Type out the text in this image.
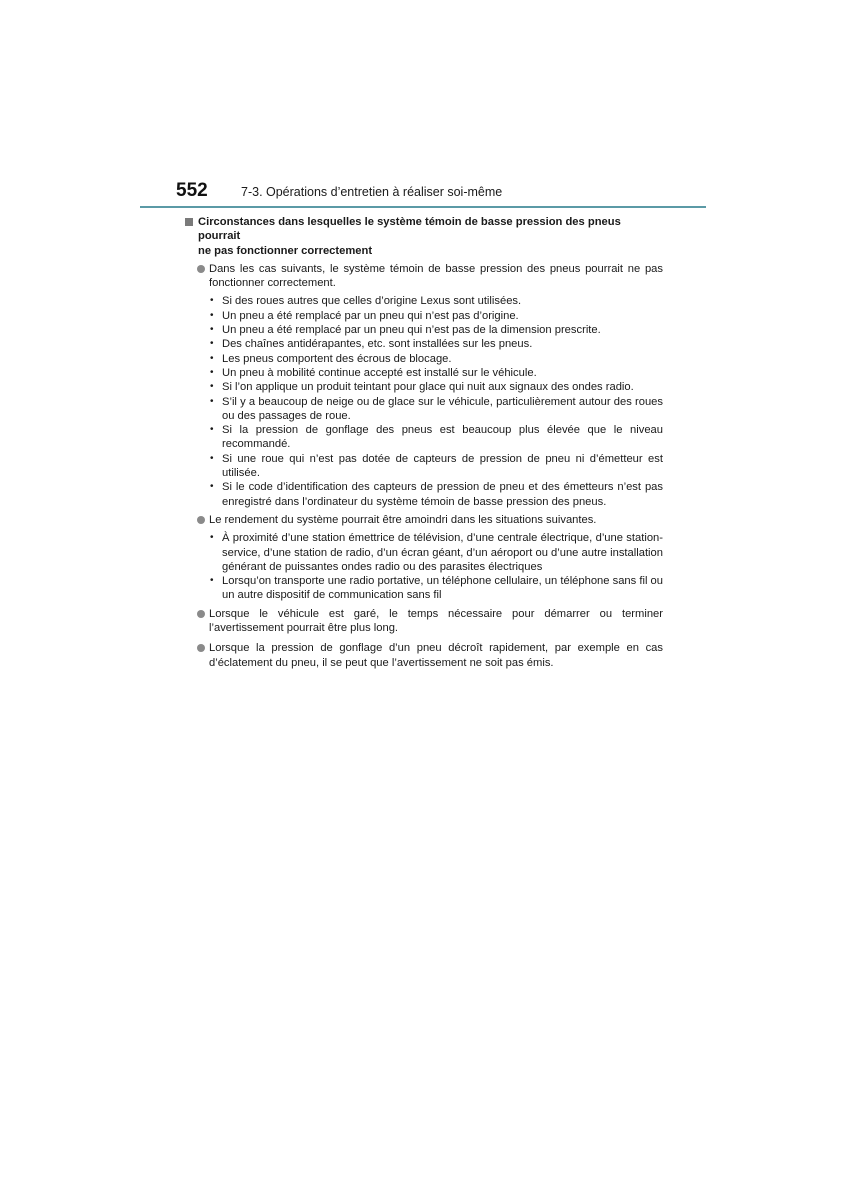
552	7-3. Opérations d’entretien à réaliser soi-même
Circonstances dans lesquelles le système témoin de basse pression des pneus pourrait
ne pas fonctionner correctement
Dans les cas suivants, le système témoin de basse pression des pneus pourrait ne pas fonctionner correctement.
• Si des roues autres que celles d’origine Lexus sont utilisées.
• Un pneu a été remplacé par un pneu qui n’est pas d’origine.
• Un pneu a été remplacé par un pneu qui n’est pas de la dimension prescrite.
• Des chaînes antidérapantes, etc. sont installées sur les pneus.
• Les pneus comportent des écrous de blocage.
• Un pneu à mobilité continue accepté est installé sur le véhicule.
• Si l’on applique un produit teintant pour glace qui nuit aux signaux des ondes radio.
• S’il y a beaucoup de neige ou de glace sur le véhicule, particulièrement autour des roues ou des passages de roue.
• Si la pression de gonflage des pneus est beaucoup plus élevée que le niveau recommandé.
• Si une roue qui n’est pas dotée de capteurs de pression de pneu ni d’émetteur est utilisée.
• Si le code d’identification des capteurs de pression de pneu et des émetteurs n’est pas enregistré dans l’ordinateur du système témoin de basse pression des pneus.
Le rendement du système pourrait être amoindri dans les situations suivantes.
• À proximité d’une station émettrice de télévision, d’une centrale électrique, d’une station-service, d’une station de radio, d’un écran géant, d’un aéroport ou d’une autre installation générant de puissantes ondes radio ou des parasites électriques
• Lorsqu’on transporte une radio portative, un téléphone cellulaire, un téléphone sans fil ou un autre dispositif de communication sans fil
Lorsque le véhicule est garé, le temps nécessaire pour démarrer ou terminer l’avertissement pourrait être plus long.
Lorsque la pression de gonflage d’un pneu décroît rapidement, par exemple en cas d’éclatement du pneu, il se peut que l’avertissement ne soit pas émis.
